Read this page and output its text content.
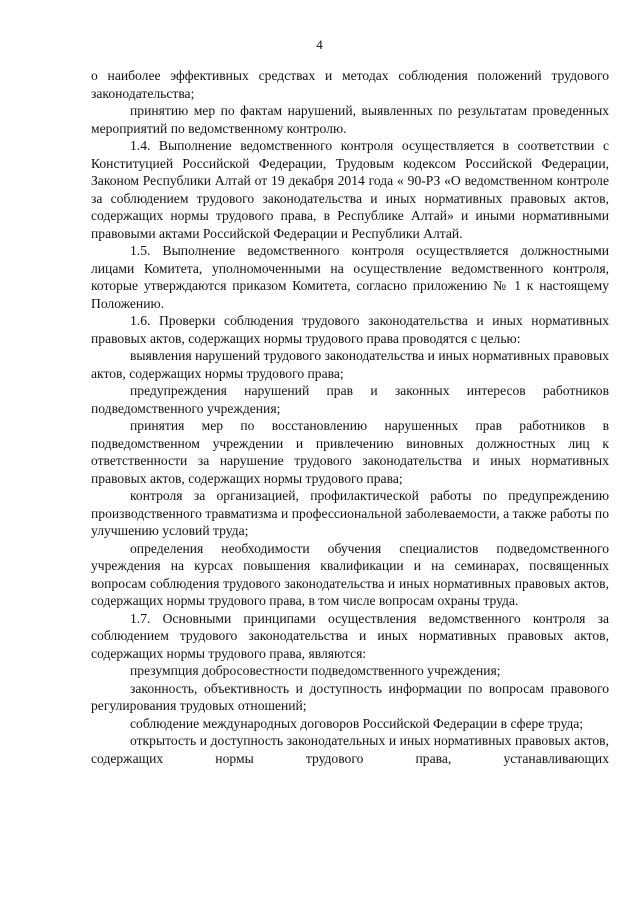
4

о наиболее эффективных средствах и методах соблюдения положений трудового законодательства;

принятию мер по фактам нарушений, выявленных по результатам проведенных мероприятий по ведомственному контролю.

1.4. Выполнение ведомственного контроля осуществляется в соответствии с Конституцией Российской Федерации, Трудовым кодексом Российской Федерации, Законом Республики Алтай от 19 декабря 2014 года « 90-РЗ «О ведомственном контроле за соблюдением трудового законодательства и иных нормативных правовых актов, содержащих нормы трудового права, в Республике Алтай» и иными нормативными правовыми актами Российской Федерации и Республики Алтай.

1.5. Выполнение ведомственного контроля осуществляется должностными лицами Комитета, уполномоченными на осуществление ведомственного контроля, которые утверждаются приказом Комитета, согласно приложению № 1 к настоящему Положению.

1.6. Проверки соблюдения трудового законодательства и иных нормативных правовых актов, содержащих нормы трудового права проводятся с целью:

выявления нарушений трудового законодательства и иных нормативных правовых актов, содержащих нормы трудового права;

предупреждения нарушений прав и законных интересов работников подведомственного учреждения;

принятия мер по восстановлению нарушенных прав работников в подведомственном учреждении и привлечению виновных должностных лиц к ответственности за нарушение трудового законодательства и иных нормативных правовых актов, содержащих нормы трудового права;

контроля за организацией, профилактической работы по предупреждению производственного травматизма и профессиональной заболеваемости, а также работы по улучшению условий труда;

определения необходимости обучения специалистов подведомственного учреждения на курсах повышения квалификации и на семинарах, посвященных вопросам соблюдения трудового законодательства и иных нормативных правовых актов, содержащих нормы трудового права, в том числе вопросам охраны труда.

1.7. Основными принципами осуществления ведомственного контроля за соблюдением трудового законодательства и иных нормативных правовых актов, содержащих нормы трудового права, являются:

презумпция добросовестности подведомственного учреждения;

законность, объективность и доступность информации по вопросам правового регулирования трудовых отношений;

соблюдение международных договоров Российской Федерации в сфере труда;

открытость и доступность законодательных и иных нормативных правовых актов, содержащих нормы трудового права, устанавливающих
